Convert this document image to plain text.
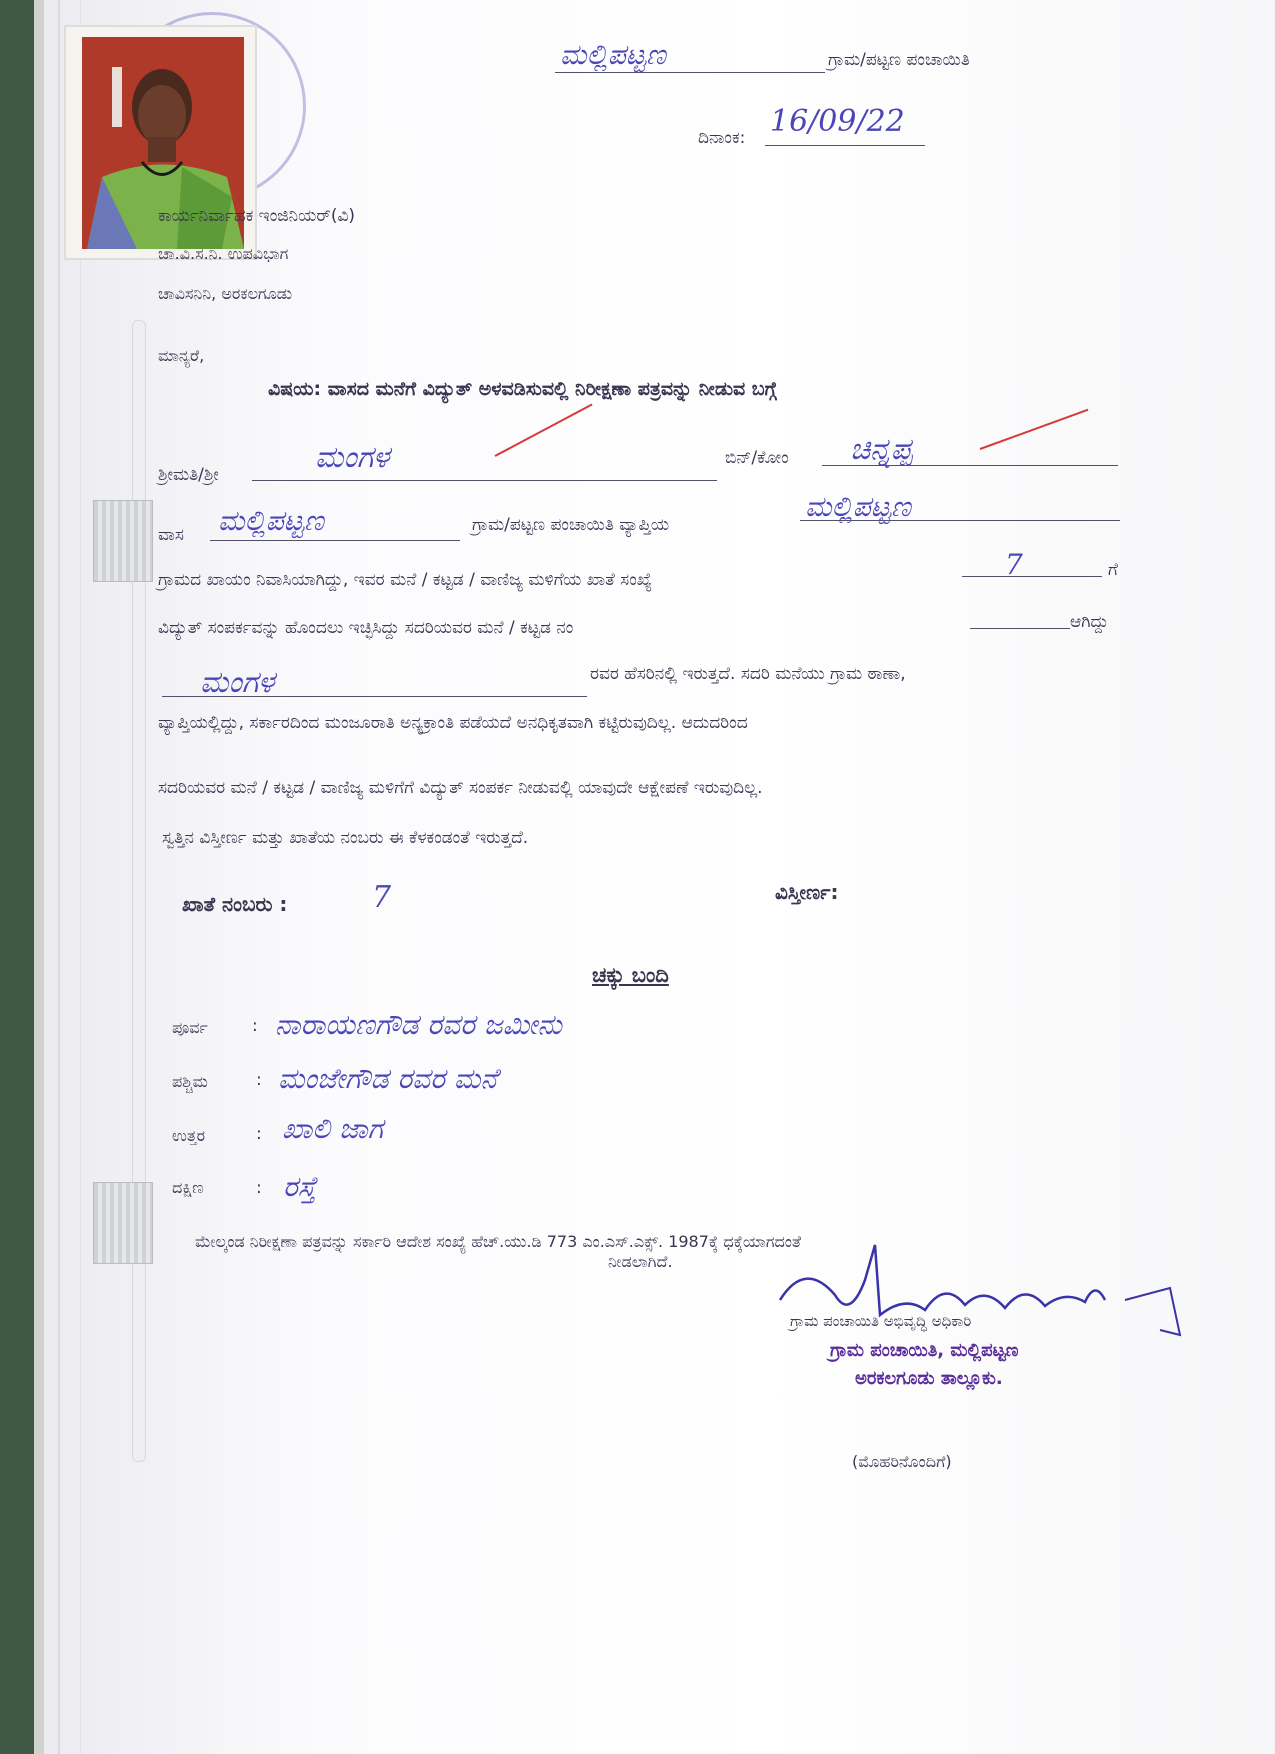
ಮಲ್ಲಿಪಟ್ಟಣ	ಗ್ರಾಮ/ಪಟ್ಟಣ ಪಂಚಾಯಿತಿ
ದಿನಾಂಕ: 16/09/22
ಕಾರ್ಯನಿರ್ವಾಹಕ ಇಂಜಿನಿಯರ್(ವಿ)
ಚಾ.ವಿ.ಸ.ನಿ. ಉಪವಿಭಾಗ
ಚಾವಿಸನಿನಿ, ಅರಕಲಗೂಡು
ಮಾನ್ಯರೆ,
ವಿಷಯ: ವಾಸದ ಮನೆಗೆ ವಿದ್ಯುತ್ ಅಳವಡಿಸುವಲ್ಲಿ ನಿರೀಕ್ಷಣಾ ಪತ್ರವನ್ನು ನೀಡುವ ಬಗ್ಗೆ
ಶ್ರೀಮತಿ/ಶ್ರೀ	ಮಂಗಳ	ಬಿನ್/ಕೋಂ ಚಿನ್ನಪ್ಪ
ವಾಸ ಮಲ್ಲಿಪಟ್ಟಣ	ಗ್ರಾಮ/ಪಟ್ಟಣ ಪಂಚಾಯಿತಿ ವ್ಯಾಪ್ತಿಯ
ಮಲ್ಲಿಪಟ್ಟಣ
ಗ್ರಾಮದ ಖಾಯಂ ನಿವಾಸಿಯಾಗಿದ್ದು, ಇವರ ಮನೆ / ಕಟ್ಟಡ / ವಾಣಿಜ್ಯ ಮಳಿಗೆಯ ಖಾತೆ ಸಂಖ್ಯೆ	7	ಗೆ
ವಿದ್ಯುತ್ ಸಂಪರ್ಕವನ್ನು ಹೊಂದಲು ಇಚ್ಛಿಸಿದ್ದು ಸದರಿಯವರ ಮನೆ / ಕಟ್ಟಡ ನಂ	ಆಗಿದ್ದು
ಮಂಗಳ	ರವರ ಹೆಸರಿನಲ್ಲಿ ಇರುತ್ತದೆ. ಸದರಿ ಮನೆಯು ಗ್ರಾಮ ಠಾಣಾ,
ವ್ಯಾಪ್ತಿಯಲ್ಲಿದ್ದು, ಸರ್ಕಾರದಿಂದ ಮಂಜೂರಾತಿ ಅನ್ಯಕ್ರಾಂತಿ ಪಡೆಯದೆ ಅನಧಿಕೃತವಾಗಿ ಕಟ್ಟಿರುವುದಿಲ್ಲ. ಆದುದರಿಂದ
ಸದರಿಯವರ ಮನೆ / ಕಟ್ಟಡ / ವಾಣಿಜ್ಯ ಮಳಿಗೆಗೆ ವಿದ್ಯುತ್ ಸಂಪರ್ಕ ನೀಡುವಲ್ಲಿ ಯಾವುದೇ ಆಕ್ಷೇಪಣೆ ಇರುವುದಿಲ್ಲ.
ಸ್ವತ್ತಿನ ವಿಸ್ತೀರ್ಣ ಮತ್ತು ಖಾತೆಯ ನಂಬರು ಈ ಕೆಳಕಂಡಂತೆ ಇರುತ್ತದೆ.
ಖಾತೆ ನಂಬರು :	7	ವಿಸ್ತೀರ್ಣ:
ಚಕ್ಕು ಬಂದಿ
ಪೂರ್ವ	: ನಾರಾಯಣಗೌಡ ರವರ ಜಮೀನು
ಪಶ್ಚಿಮ	: ಮಂಜೇಗೌಡ ರವರ ಮನೆ
ಉತ್ತರ	: ಖಾಲಿ ಜಾಗ
ದಕ್ಷಿಣ	: ರಸ್ತೆ
ಮೇಲ್ಕಂಡ ನಿರೀಕ್ಷಣಾ ಪತ್ರವನ್ನು ಸರ್ಕಾರಿ ಆದೇಶ ಸಂಖ್ಯೆ ಹೆಚ್.ಯು.ಡಿ 773 ಎಂ.ಎಸ್.ಎಕ್ಸ್. 1987ಕ್ಕೆ ಧಕ್ಕೆಯಾಗದಂತೆ
ನೀಡಲಾಗಿದೆ.
ಗ್ರಾಮ ಪಂಚಾಯಿತಿ ಅಭಿವೃದ್ಧಿ ಅಧಿಕಾರಿ
ಗ್ರಾಮ ಪಂಚಾಯಿತಿ, ಮಲ್ಲಿಪಟ್ಟಣ
ಅರಕಲಗೂಡು ತಾಲ್ಲೂಕು.
(ಮೊಹರಿನೊಂದಿಗೆ)
